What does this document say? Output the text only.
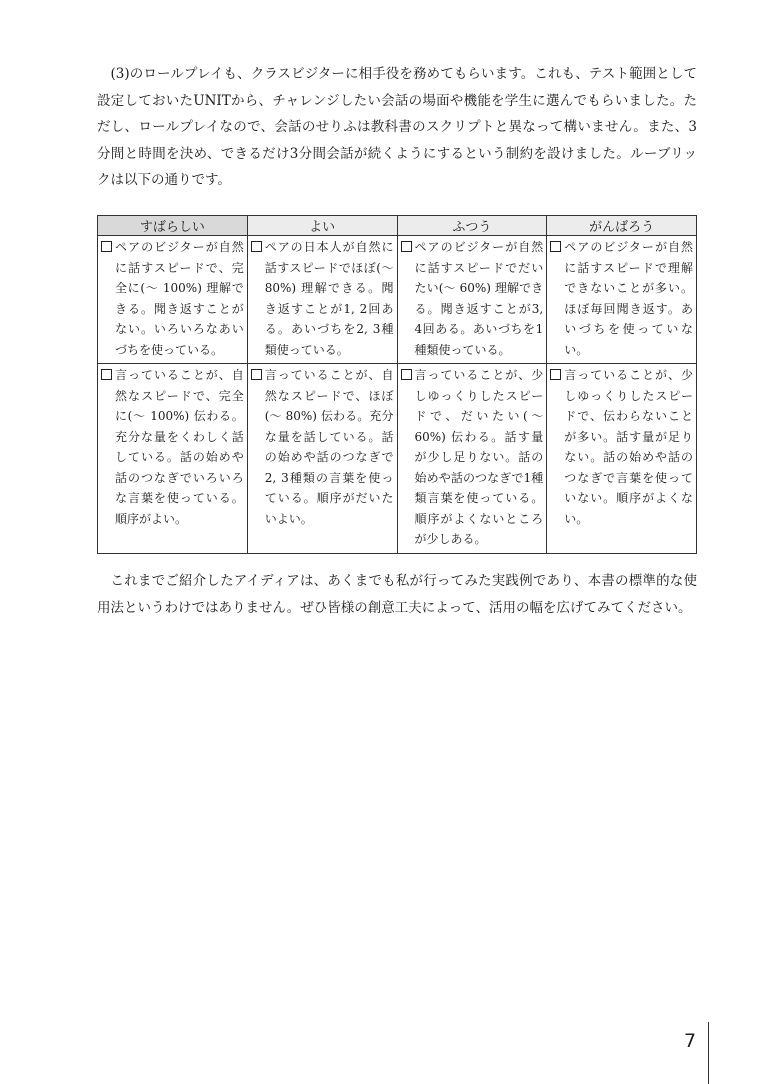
(3)のロールプレイも、クラスビジターに相手役を務めてもらいます。これも、テスト範囲として設定しておいたUNITから、チャレンジしたい会話の場面や機能を学生に選んでもらいました。ただし、ロールプレイなので、会話のせりふは教科書のスクリプトと異なって構いません。また、3分間と時間を決め、できるだけ3分間会話が続くようにするという制約を設けました。ルーブリックは以下の通りです。

すばらしい	よい	ふつう	がんばろう

ペアのビジターが自然に話すスピードで、完全に(～ 100%) 理解できる。聞き返すことがない。いろいろなあいづちを使っている。	ペアの日本人が自然に話すスピードでほぼ(～ 80%) 理解できる。聞き返すことが1, 2回ある。あいづちを2, 3種類使っている。	ペアのビジターが自然に話すスピードでだいたい(～ 60%) 理解できる。聞き返すことが3, 4回ある。あいづちを1種類使っている。	ペアのビジターが自然に話すスピードで理解できないことが多い。ほぼ毎回聞き返す。あいづちを使っていない。

言っていることが、自然なスピードで、完全に(～ 100%) 伝わる。充分な量をくわしく話している。話の始めや話のつなぎでいろいろな言葉を使っている。順序がよい。	言っていることが、自然なスピードで、ほぼ(～ 80%) 伝わる。充分な量を話している。話の始めや話のつなぎで2, 3種類の言葉を使っている。順序がだいたいよい。	言っていることが、少しゆっくりしたスピードで、だいたい(～ 60%) 伝わる。話す量が少し足りない。話の始めや話のつなぎで1種類言葉を使っている。順序がよくないところが少しある。	言っていることが、少しゆっくりしたスピードで、伝わらないことが多い。話す量が足りない。話の始めや話のつなぎで言葉を使っていない。順序がよくない。

これまでご紹介したアイディアは、あくまでも私が行ってみた実践例であり、本書の標準的な使用法というわけではありません。ぜひ皆様の創意工夫によって、活用の幅を広げてみてください。

7
